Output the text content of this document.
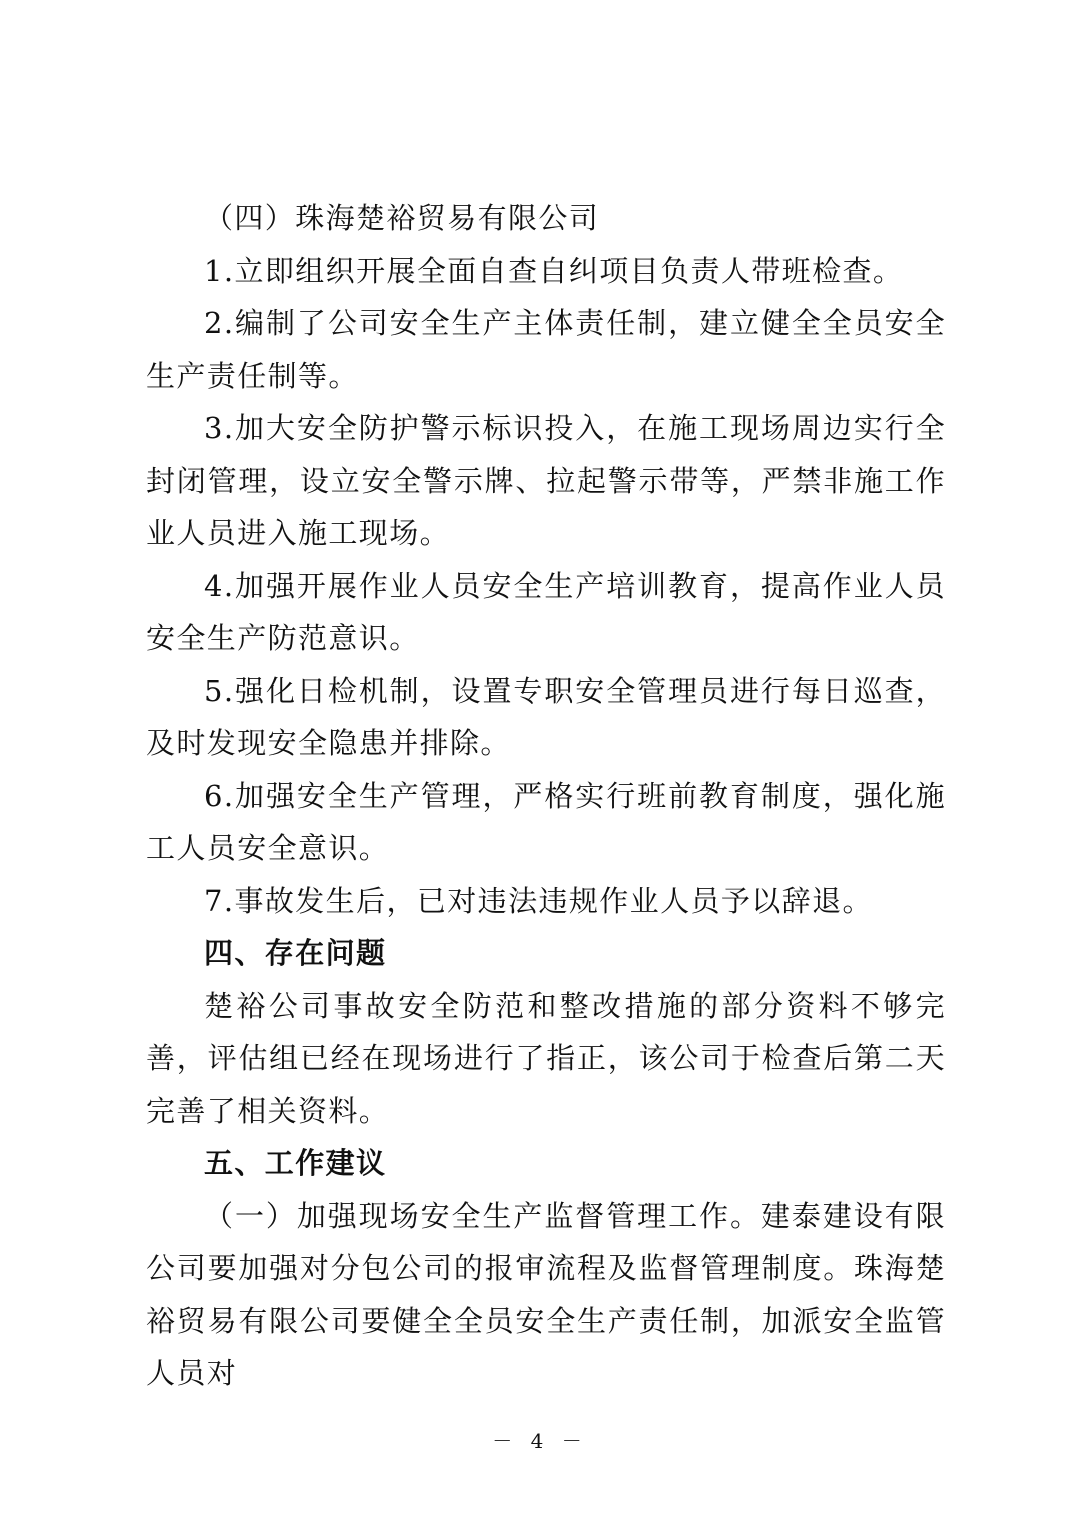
（四）珠海楚裕贸易有限公司

1.立即组织开展全面自查自纠项目负责人带班检查。

2.编制了公司安全生产主体责任制，建立健全全员安全生产责任制等。

3.加大安全防护警示标识投入，在施工现场周边实行全封闭管理，设立安全警示牌、拉起警示带等，严禁非施工作业人员进入施工现场。

4.加强开展作业人员安全生产培训教育，提高作业人员安全生产防范意识。

5.强化日检机制，设置专职安全管理员进行每日巡查，及时发现安全隐患并排除。

6.加强安全生产管理，严格实行班前教育制度，强化施工人员安全意识。

7.事故发生后，已对违法违规作业人员予以辞退。

四、存在问题

楚裕公司事故安全防范和整改措施的部分资料不够完善，评估组已经在现场进行了指正，该公司于检查后第二天完善了相关资料。

五、工作建议

（一）加强现场安全生产监督管理工作。建泰建设有限公司要加强对分包公司的报审流程及监督管理制度。珠海楚裕贸易有限公司要健全全员安全生产责任制，加派安全监管人员对

－ 4 －
